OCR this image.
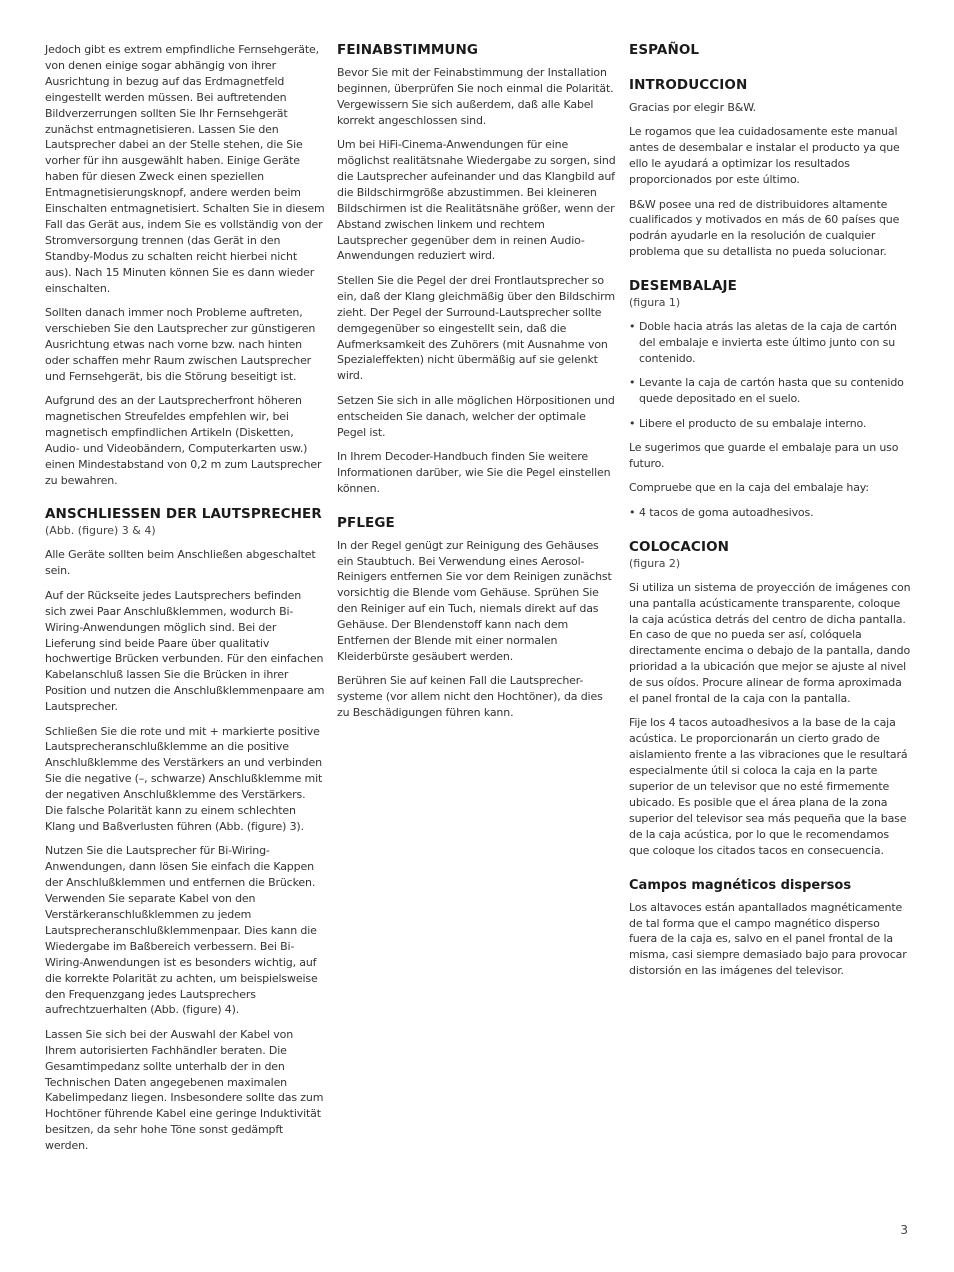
Jedoch gibt es extrem empfindliche Fernsehgeräte, von denen einige sogar abhängig von ihrer Ausrichtung in bezug auf das Erdmagnetfeld eingestellt werden müssen. Bei auftretenden Bildverzerrungen sollten Sie Ihr Fernsehgerät zunächst entmagnetisieren. Lassen Sie den Lautsprecher dabei an der Stelle stehen, die Sie vorher für ihn ausgewählt haben. Einige Geräte haben für diesen Zweck einen speziellen Entmagnetisierungsknopf, andere werden beim Einschalten entmagnetisiert. Schalten Sie in diesem Fall das Gerät aus, indem Sie es vollständig von der Stromversorgung trennen (das Gerät in den Standby-Modus zu schalten reicht hierbei nicht aus). Nach 15 Minuten können Sie es dann wieder einschalten.

Sollten danach immer noch Probleme auftreten, verschieben Sie den Lautsprecher zur günstigeren Ausrichtung etwas nach vorne bzw. nach hinten oder schaffen mehr Raum zwischen Lautsprecher und Fernsehgerät, bis die Störung beseitigt ist.

Aufgrund des an der Lautsprecherfront höheren magnetischen Streufeldes empfehlen wir, bei magnetisch empfindlichen Artikeln (Disketten, Audio- und Videobändern, Computerkarten usw.) einen Mindestabstand von 0,2 m zum Lautsprecher zu bewahren.

ANSCHLIESSEN DER LAUTSPRECHER
(Abb. (figure) 3 & 4)

Alle Geräte sollten beim Anschließen abgeschaltet sein.

Auf der Rückseite jedes Lautsprechers befinden sich zwei Paar Anschlußklemmen, wodurch Bi-Wiring-Anwendungen möglich sind. Bei der Lieferung sind beide Paare über qualitativ hochwertige Brücken verbunden. Für den einfachen Kabelanschluß lassen Sie die Brücken in ihrer Position und nutzen die Anschlußklemmenpaare am Lautsprecher.

Schließen Sie die rote und mit + markierte positive Lautsprecheranschlußklemme an die positive Anschlußklemme des Verstärkers an und verbinden Sie die negative (–, schwarze) Anschlußklemme mit der negativen Anschlußklemme des Verstärkers. Die falsche Polarität kann zu einem schlechten Klang und Baßverlusten führen (Abb. (figure) 3).

Nutzen Sie die Lautsprecher für Bi-Wiring-Anwendungen, dann lösen Sie einfach die Kappen der Anschlußklemmen und entfernen die Brücken. Verwenden Sie separate Kabel von den Verstärkeranschlußklemmen zu jedem Lautsprecheranschlußklemmenpaar. Dies kann die Wiedergabe im Baßbereich verbessern. Bei Bi-Wiring-Anwendungen ist es besonders wichtig, auf die korrekte Polarität zu achten, um beispielsweise den Frequenzgang jedes Lautsprechers aufrechtzuerhalten (Abb. (figure) 4).

Lassen Sie sich bei der Auswahl der Kabel von Ihrem autorisierten Fachhändler beraten. Die Gesamtimpedanz sollte unterhalb der in den Technischen Daten angegebenen maximalen Kabelimpedanz liegen. Insbesondere sollte das zum Hochtöner führende Kabel eine geringe Induktivität besitzen, da sehr hohe Töne sonst gedämpft werden.

FEINABSTIMMUNG

Bevor Sie mit der Feinabstimmung der Installation beginnen, überprüfen Sie noch einmal die Polarität. Vergewissern Sie sich außerdem, daß alle Kabel korrekt angeschlossen sind.

Um bei HiFi-Cinema-Anwendungen für eine möglichst realitätsnahe Wiedergabe zu sorgen, sind die Lautsprecher aufeinander und das Klangbild auf die Bildschirmgröße abzustimmen. Bei kleineren Bildschirmen ist die Realitätsnähe größer, wenn der Abstand zwischen linkem und rechtem Lautsprecher gegenüber dem in reinen Audio-Anwendungen reduziert wird.

Stellen Sie die Pegel der drei Frontlautsprecher so ein, daß der Klang gleichmäßig über den Bildschirm zieht. Der Pegel der Surround-Lautsprecher sollte demgegenüber so eingestellt sein, daß die Aufmerksamkeit des Zuhörers (mit Ausnahme von Spezialeffekten) nicht übermäßig auf sie gelenkt wird.

Setzen Sie sich in alle möglichen Hörpositionen und entscheiden Sie danach, welcher der optimale Pegel ist.

In Ihrem Decoder-Handbuch finden Sie weitere Informationen darüber, wie Sie die Pegel einstellen können.

PFLEGE

In der Regel genügt zur Reinigung des Gehäuses ein Staubtuch. Bei Verwendung eines Aerosol-Reinigers entfernen Sie vor dem Reinigen zunächst vorsichtig die Blende vom Gehäuse. Sprühen Sie den Reiniger auf ein Tuch, niemals direkt auf das Gehäuse. Der Blendenstoff kann nach dem Entfernen der Blende mit einer normalen Kleiderbürste gesäubert werden.

Berühren Sie auf keinen Fall die Lautsprecher-systeme (vor allem nicht den Hochtöner), da dies zu Beschädigungen führen kann.

ESPAÑOL
INTRODUCCION

Gracias por elegir B&W.

Le rogamos que lea cuidadosamente este manual antes de desembalar e instalar el producto ya que ello le ayudará a optimizar los resultados proporcionados por este último.

B&W posee una red de distribuidores altamente cualificados y motivados en más de 60 países que podrán ayudarle en la resolución de cualquier problema que su detallista no pueda solucionar.

DESEMBALAJE
(figura 1)

• Doble hacia atrás las aletas de la caja de cartón del embalaje e invierta este último junto con su contenido.

• Levante la caja de cartón hasta que su contenido quede depositado en el suelo.

• Libere el producto de su embalaje interno.

Le sugerimos que guarde el embalaje para un uso futuro.

Compruebe que en la caja del embalaje hay:

• 4 tacos de goma autoadhesivos.

COLOCACION
(figura 2)

Si utiliza un sistema de proyección de imágenes con una pantalla acústicamente transparente, coloque la caja acústica detrás del centro de dicha pantalla. En caso de que no pueda ser así, colóquela directamente encima o debajo de la pantalla, dando prioridad a la ubicación que mejor se ajuste al nivel de sus oídos. Procure alinear de forma aproximada el panel frontal de la caja con la pantalla.

Fije los 4 tacos autoadhesivos a la base de la caja acústica. Le proporcionarán un cierto grado de aislamiento frente a las vibraciones que le resultará especialmente útil si coloca la caja en la parte superior de un televisor que no esté firmemente ubicado. Es posible que el área plana de la zona superior del televisor sea más pequeña que la base de la caja acústica, por lo que le recomendamos que coloque los citados tacos en consecuencia.

Campos magnéticos dispersos

Los altavoces están apantallados magnéticamente de tal forma que el campo magnético disperso fuera de la caja es, salvo en el panel frontal de la misma, casi siempre demasiado bajo para provocar distorsión en las imágenes del televisor.

3
